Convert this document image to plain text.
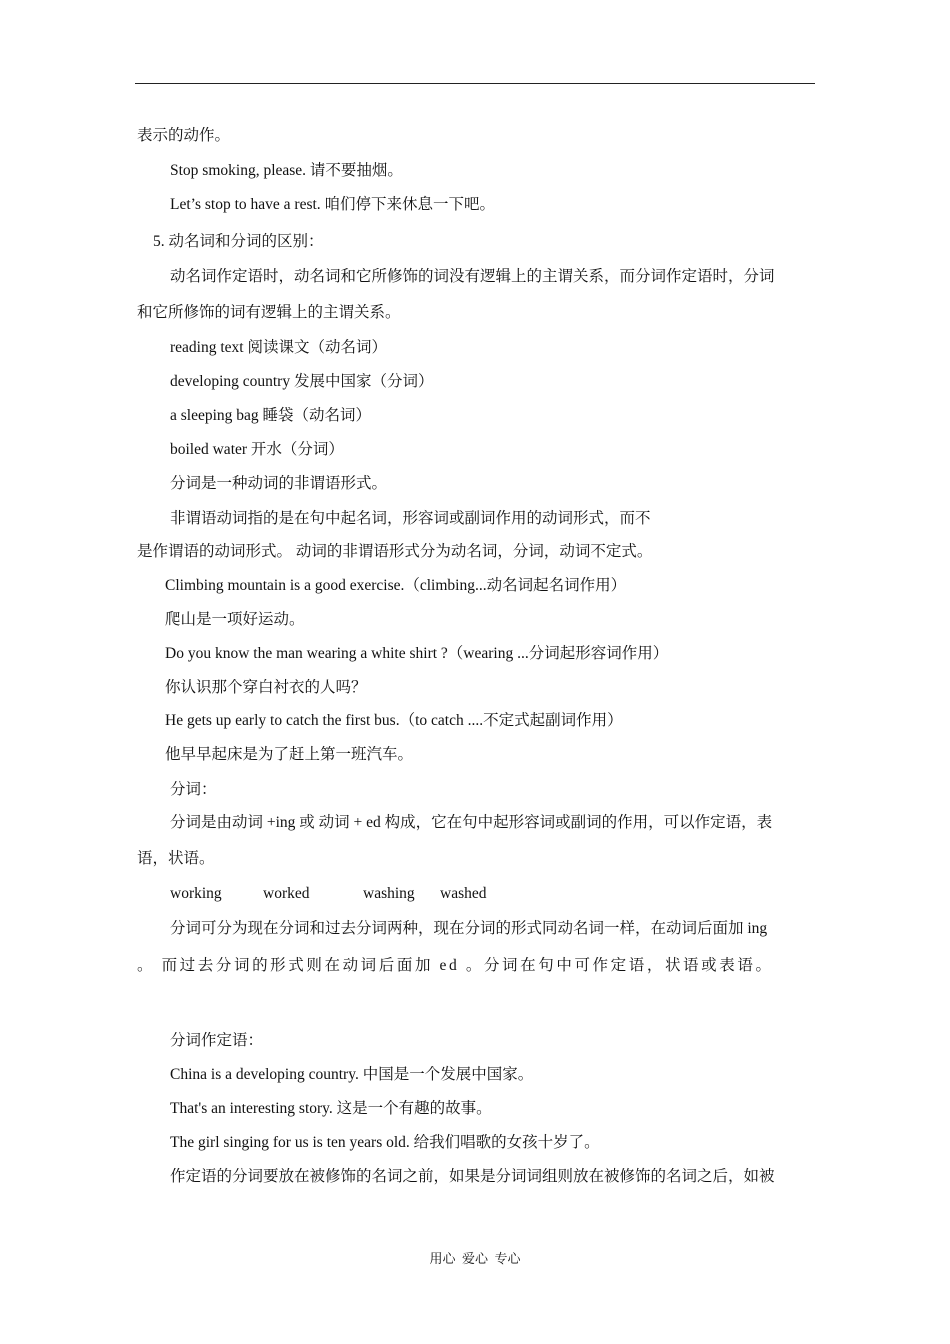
表示的动作。
Stop smoking, please. 请不要抽烟。
Let’s stop to have a rest. 咱们停下来休息一下吧。
5. 动名词和分词的区别：
动名词作定语时，动名词和它所修饰的词没有逻辑上的主谓关系，而分词作定语时，分词
和它所修饰的词有逻辑上的主谓关系。
reading text 阅读课文（动名词）
developing country 发展中国家（分词）
a sleeping bag 睡袋（动名词）
boiled water 开水（分词）
分词是一种动词的非谓语形式。
非谓语动词指的是在句中起名词，形容词或副词作用的动词形式，而不
是作谓语的动词形式。 动词的非谓语形式分为动名词，分词，动词不定式。
Climbing mountain is a good exercise.（climbing...动名词起名词作用）
爬山是一项好运动。
Do you know the man wearing a white shirt ?（wearing ...分词起形容词作用）
你认识那个穿白衬衣的人吗？
He gets up early to catch the first bus.（to catch ....不定式起副词作用）
他早早起床是为了赶上第一班汽车。
分词：
分词是由动词 +ing 或 动词 + ed 构成，它在句中起形容词或副词的作用，可以作定语，表
语，状语。
working	worked	washing washed
分词可分为现在分词和过去分词两种，现在分词的形式同动名词一样，在动词后面加 ing
。 而过去分词的形式则在动词后面加 ed 。分词在句中可作定语，状语或表语。
分词作定语：
China is a developing country. 中国是一个发展中国家。
That's an interesting story. 这是一个有趣的故事。
The girl singing for us is ten years old. 给我们唱歌的女孩十岁了。
作定语的分词要放在被修饰的名词之前，如果是分词词组则放在被修饰的名词之后，如被
用心  爱心  专心
